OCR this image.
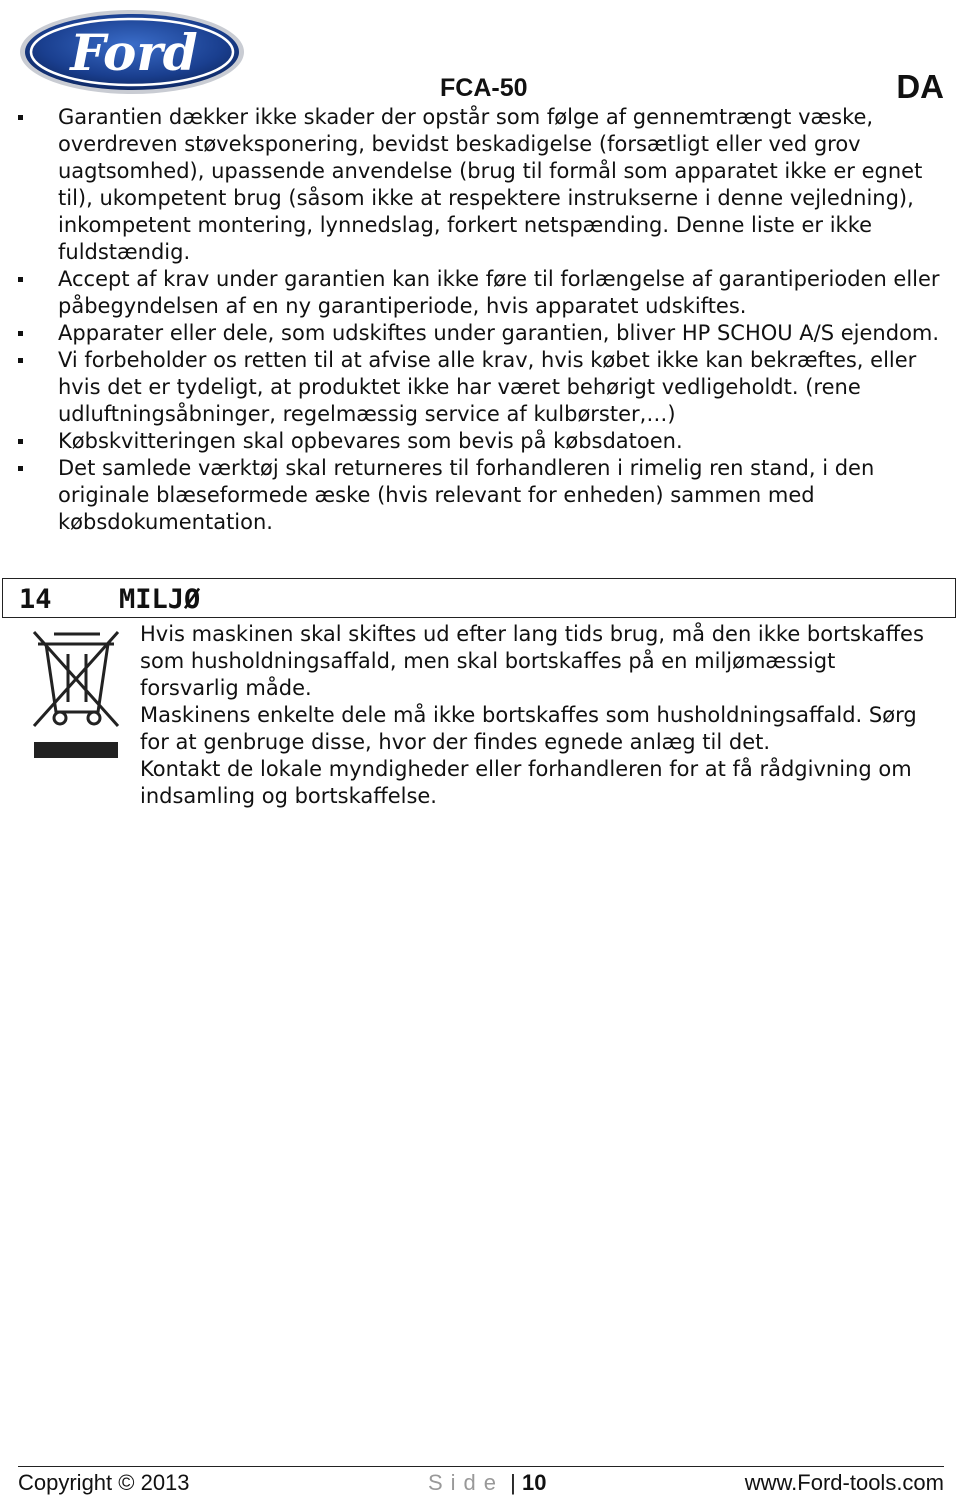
Ford
FCA-50	DA
Garantien dækker ikke skader der opstår som følge af gennemtrængt væske, overdreven støveksponering, bevidst beskadigelse (forsætligt eller ved grov uagtsomhed), upassende anvendelse (brug til formål som apparatet ikke er egnet til), ukompetent brug (såsom ikke at respektere instrukserne i denne vejledning), inkompetent montering, lynnedslag, forkert netspænding. Denne liste er ikke fuldstændig.
Accept af krav under garantien kan ikke føre til forlængelse af garantiperioden eller påbegyndelsen af en ny garantiperiode, hvis apparatet udskiftes.
Apparater eller dele, som udskiftes under garantien, bliver HP SCHOU A/S ejendom.
Vi forbeholder os retten til at afvise alle krav, hvis købet ikke kan bekræftes, eller hvis det er tydeligt, at produktet ikke har været behørigt vedligeholdt. (rene udluftningsåbninger, regelmæssig service af kulbørster,…)
Købskvitteringen skal opbevares som bevis på købsdatoen.
Det samlede værktøj skal returneres til forhandleren i rimelig ren stand, i den originale blæseformede æske (hvis relevant for enheden) sammen med købsdokumentation.
14 MILJØ

Hvis maskinen skal skiftes ud efter lang tids brug, må den ikke bortskaffes som husholdningsaffald, men skal bortskaffes på en miljømæssigt forsvarlig måde.

Maskinens enkelte dele må ikke bortskaffes som husholdningsaffald. Sørg for at genbruge disse, hvor der findes egnede anlæg til det.

Kontakt de lokale myndigheder eller forhandleren for at få rådgivning om indsamling og bortskaffelse.

Copyright © 2013	Side | 10	www.Ford-tools.com
